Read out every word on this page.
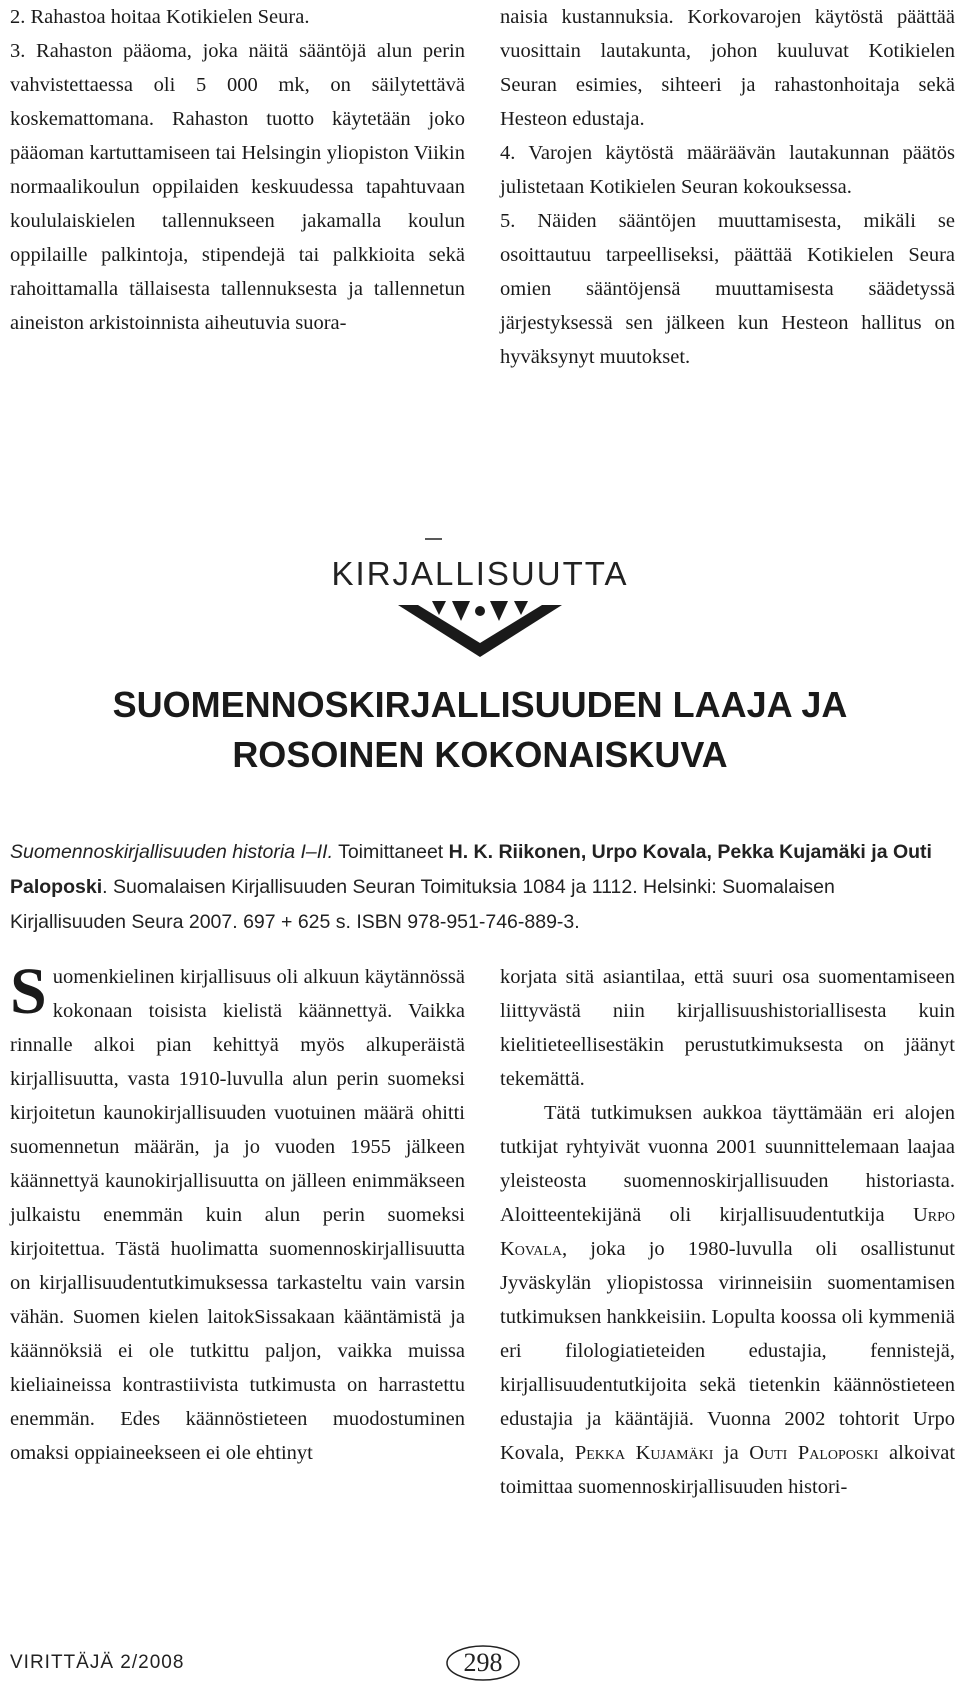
2. Rahastoa hoitaa Kotikielen Seura.

3. Rahaston pääoma, joka näitä sääntöjä alun perin vahvistettaessa oli 5 000 mk, on säilytettävä koskemattomana. Rahaston tuotto käytetään joko pääoman kartuttamiseen tai Helsingin yliopiston Viikin normaalikoulun oppilaiden keskuudessa tapahtuvaan koululaiskielen tallennukseen jakamalla koulun oppilaille palkintoja, stipendejä tai palkkioita sekä rahoittamalla tällaisesta tallennuksesta ja tallennetun aineiston arkistoinnista aiheutuvia suora-

naisia kustannuksia. Korkovarojen käytöstä päättää vuosittain lautakunta, johon kuuluvat Kotikielen Seuran esimies, sihteeri ja rahastonhoitaja sekä Hesteon edustaja.

4. Varojen käytöstä määräävän lautakunnan päätös julistetaan Kotikielen Seuran kokouksessa.

5. Näiden sääntöjen muuttamisesta, mikäli se osoittautuu tarpeelliseksi, päättää Kotikielen Seura omien sääntöjensä muuttamisesta säädetyssä järjestyksessä sen jälkeen kun Hesteon hallitus on hyväksynyt muutokset.

KIRJALLISUUTTA
SUOMENNOSKIRJALLISUUDEN LAAJA JA
ROSOINEN KOKONAISKUVA
Suomennoskirjallisuuden historia I–II. Toimittaneet H. K. Riikonen, Urpo Kovala, Pekka Kujamäki ja Outi Paloposki. Suomalaisen Kirjallisuuden Seuran Toimituksia 1084 ja 1112. Helsinki: Suomalaisen Kirjallisuuden Seura 2007. 697 + 625 s. ISBN 978-951-746-889-3.

Suomenkielinen kirjallisuus oli alkuun käytännössä kokonaan toisista kielistä käännettyä. Vaikka rinnalle alkoi pian kehittyä myös alkuperäistä kirjallisuutta, vasta 1910-luvulla alun perin suomeksi kirjoitetun kaunokirjallisuuden vuotuinen määrä ohitti suomennetun määrän, ja jo vuoden 1955 jälkeen käännettyä kaunokirjallisuutta on jälleen enimmäkseen julkaistu enemmän kuin alun perin suomeksi kirjoitettua. Tästä huolimatta suomennoskirjallisuutta on kirjallisuudentutkimuksessa tarkasteltu vain varsin vähän. Suomen kielen laitokSissakaan kääntämistä ja käännöksiä ei ole tutkittu paljon, vaikka muissa kieliaineissa kontrastiivista tutkimusta on harrastettu enemmän. Edes käännöstieteen muodostuminen omaksi oppiaineekseen ei ole ehtinyt

korjata sitä asiantilaa, että suuri osa suomentamiseen liittyvästä niin kirjallisuushistoriallisesta kuin kielitieteellisestäkin perustutkimuksesta on jäänyt tekemättä.

Tätä tutkimuksen aukkoa täyttämään eri alojen tutkijat ryhtyivät vuonna 2001 suunnittelemaan laajaa yleisteosta suomennoskirjallisuuden historiasta. Aloitteentekijänä oli kirjallisuudentutkija Urpo Kovala, joka jo 1980-luvulla oli osallistunut Jyväskylän yliopistossa virinneisiin suomentamisen tutkimuksen hankkeisiin. Lopulta koossa oli kymmeniä eri filologiatieteiden edustajia, fennistejä, kirjallisuudentutkijoita sekä tietenkin käännöstieteen edustajia ja kääntäjiä. Vuonna 2002 tohtorit Urpo Kovala, Pekka Kujamäki ja Outi Paloposki alkoivat toimittaa suomennoskirjallisuuden histori-

VIRITTÄJÄ 2/2008	298
